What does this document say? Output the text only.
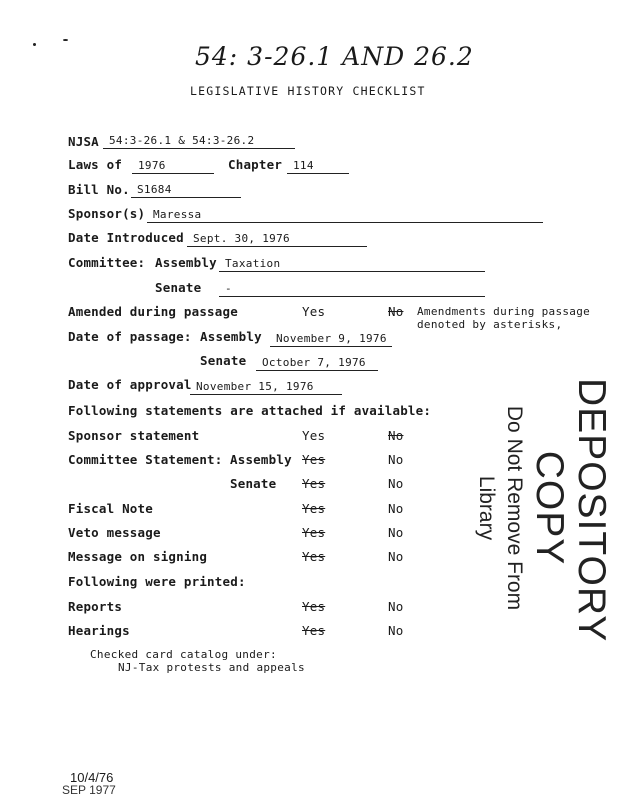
54: 3-26.1 AND 26.2
LEGISLATIVE HISTORY CHECKLIST
NJSA 54:3-26.1 & 54:3-26.2
Laws of	1976	Chapter 114
Bill No. S1684
Sponsor(s) Maressa
Date Introduced Sept. 30, 1976
Committee: Assembly Taxation
Senate	-
Amended during passage	Yes	No Amendments during passage
denoted by asterisks,
Date of passage: Assembly	November 9, 1976
Senate	October 7, 1976
Date of approval November 15, 1976
Following statements are attached if available:
Sponsor statement	Yes	No
Committee Statement: Assembly Yes	No
Senate Yes	No
Fiscal Note	Yes	No
Veto message	Yes	No
Message on signing	Yes	No
Following were printed:
Reports	Yes	No
Hearings	Yes	No
Checked card catalog under:
NJ-Tax protests and appeals
DEPOSITORY COPY
Do Not Remove From Library
10/4/76
SEP 1977
